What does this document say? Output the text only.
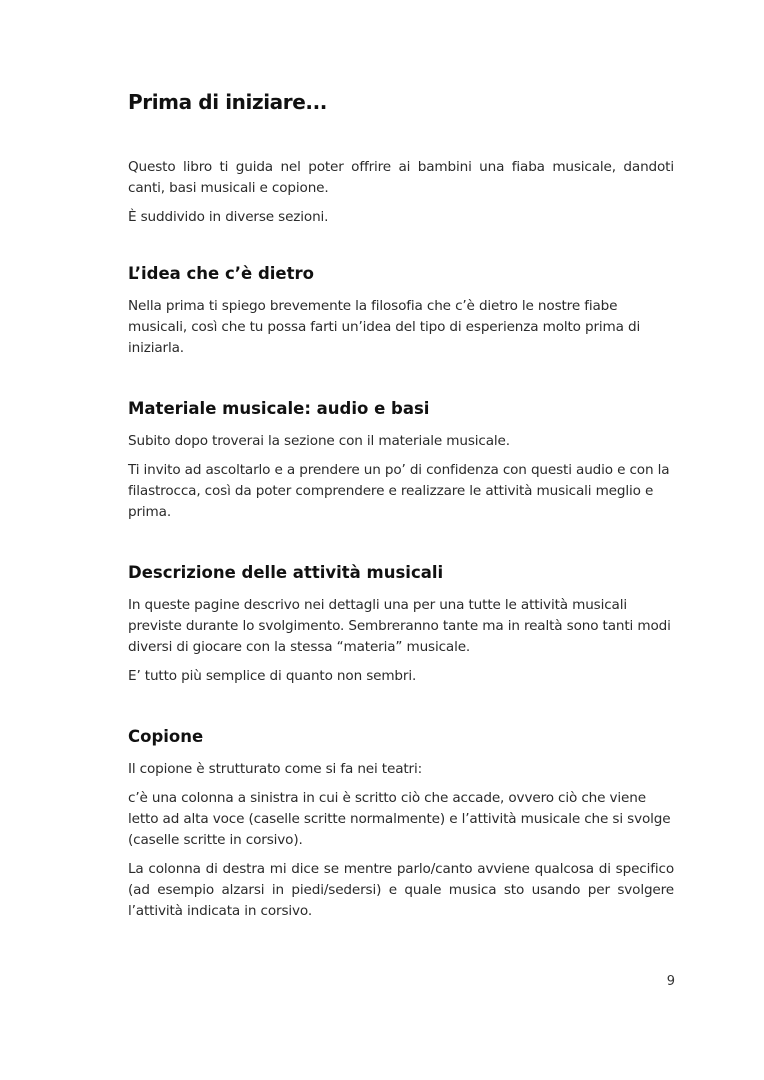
Prima di iniziare...

Questo libro ti guida nel poter offrire ai bambini una fiaba musicale, dandoti canti, basi musicali e copione.

È suddivido in diverse sezioni.

L’idea che c’è dietro

Nella prima ti spiego brevemente la filosofia che c’è dietro le nostre fiabe musicali, così che tu possa farti un’idea del tipo di esperienza molto prima di iniziarla.

Materiale musicale: audio e basi

Subito dopo troverai la sezione con il materiale musicale.

Ti invito ad ascoltarlo e a prendere un po’ di confidenza con questi audio e con la filastrocca, così da poter comprendere e realizzare le attività musicali meglio e prima.

Descrizione delle attività musicali

In queste pagine descrivo nei dettagli una per una tutte le attività musicali previste durante lo svolgimento. Sembreranno tante ma in realtà sono tanti modi diversi di giocare con la stessa “materia” musicale.

E’ tutto più semplice di quanto non sembri.

Copione

Il copione è strutturato come si fa nei teatri:

c’è una colonna a sinistra in cui è scritto ciò che accade, ovvero ciò che viene letto ad alta voce (caselle scritte normalmente) e l’attività musicale che si svolge (caselle scritte in corsivo).

La colonna di destra mi dice se mentre parlo/canto avviene qualcosa di specifico (ad esempio alzarsi in piedi/sedersi) e quale musica sto usando per svolgere l’attività indicata in corsivo.

9
